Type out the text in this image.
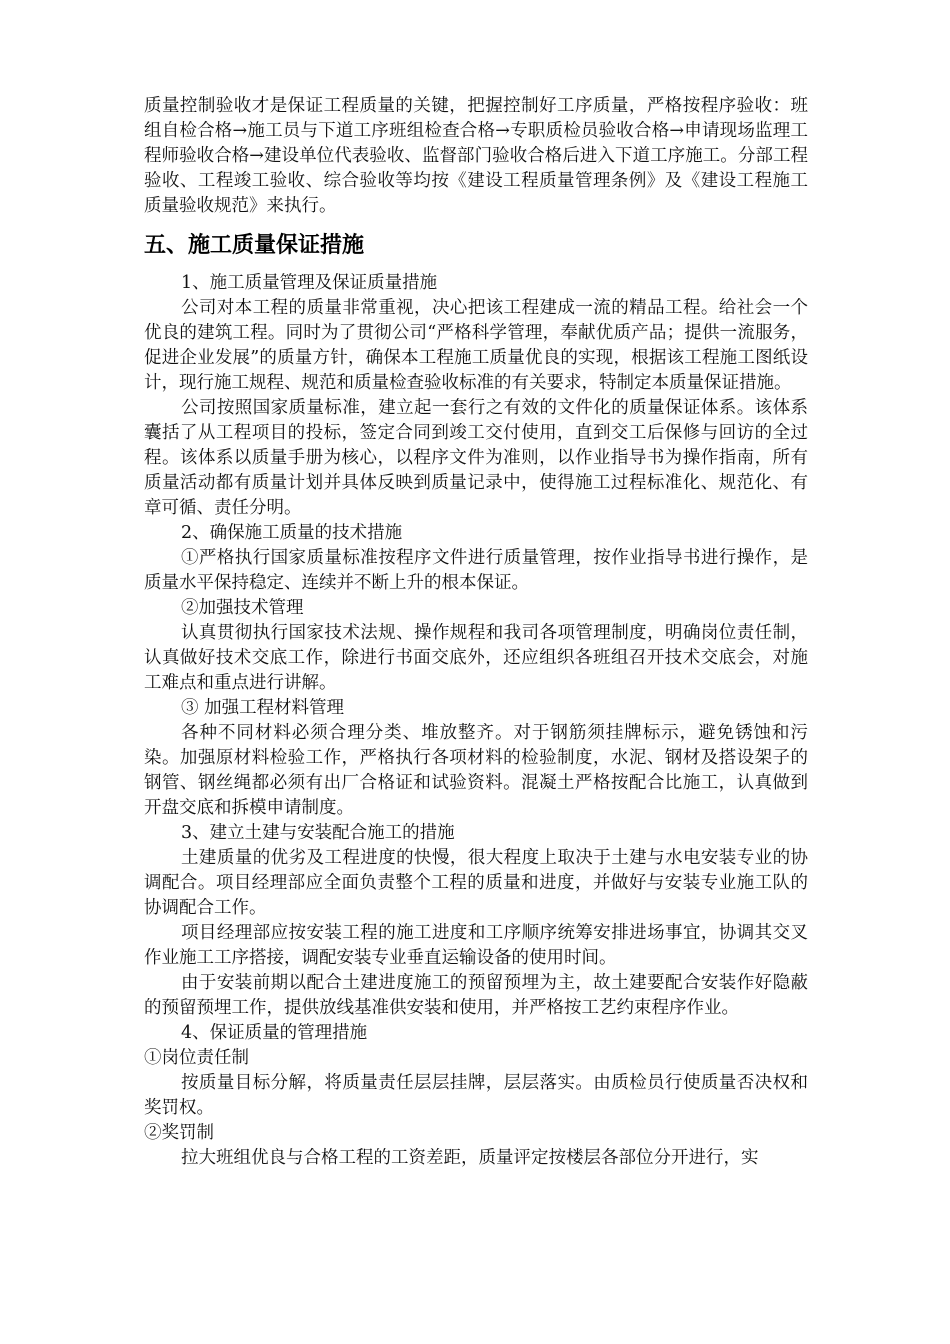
质量控制验收才是保证工程质量的关键，把握控制好工序质量，严格按程序验收：班组自检合格→施工员与下道工序班组检查合格→专职质检员验收合格→申请现场监理工程师验收合格→建设单位代表验收、监督部门验收合格后进入下道工序施工。分部工程验收、工程竣工验收、综合验收等均按《建设工程质量管理条例》及《建设工程施工质量验收规范》来执行。

五、施工质量保证措施

1、施工质量管理及保证质量措施

公司对本工程的质量非常重视，决心把该工程建成一流的精品工程。给社会一个优良的建筑工程。同时为了贯彻公司“严格科学管理，奉献优质产品；提供一流服务，促进企业发展”的质量方针，确保本工程施工质量优良的实现，根据该工程施工图纸设计，现行施工规程、规范和质量检查验收标准的有关要求，特制定本质量保证措施。

公司按照国家质量标准，建立起一套行之有效的文件化的质量保证体系。该体系囊括了从工程项目的投标，签定合同到竣工交付使用，直到交工后保修与回访的全过程。该体系以质量手册为核心，以程序文件为准则，以作业指导书为操作指南，所有质量活动都有质量计划并具体反映到质量记录中，使得施工过程标准化、规范化、有章可循、责任分明。

2、确保施工质量的技术措施

①严格执行国家质量标准按程序文件进行质量管理，按作业指导书进行操作，是质量水平保持稳定、连续并不断上升的根本保证。

②加强技术管理

认真贯彻执行国家技术法规、操作规程和我司各项管理制度，明确岗位责任制，认真做好技术交底工作，除进行书面交底外，还应组织各班组召开技术交底会，对施工难点和重点进行讲解。

③ 加强工程材料管理

各种不同材料必须合理分类、堆放整齐。对于钢筋须挂牌标示，避免锈蚀和污染。加强原材料检验工作，严格执行各项材料的检验制度，水泥、钢材及搭设架子的钢管、钢丝绳都必须有出厂合格证和试验资料。混凝土严格按配合比施工，认真做到开盘交底和拆模申请制度。

3、建立土建与安装配合施工的措施

土建质量的优劣及工程进度的快慢，很大程度上取决于土建与水电安装专业的协调配合。项目经理部应全面负责整个工程的质量和进度，并做好与安装专业施工队的协调配合工作。

项目经理部应按安装工程的施工进度和工序顺序统筹安排进场事宜，协调其交叉作业施工工序搭接，调配安装专业垂直运输设备的使用时间。

由于安装前期以配合土建进度施工的预留预埋为主，故土建要配合安装作好隐蔽的预留预埋工作，提供放线基准供安装和使用，并严格按工艺约束程序作业。

4、保证质量的管理措施

①岗位责任制

按质量目标分解，将质量责任层层挂牌，层层落实。由质检员行使质量否决权和奖罚权。

②奖罚制

拉大班组优良与合格工程的工资差距，质量评定按楼层各部位分开进行，实
